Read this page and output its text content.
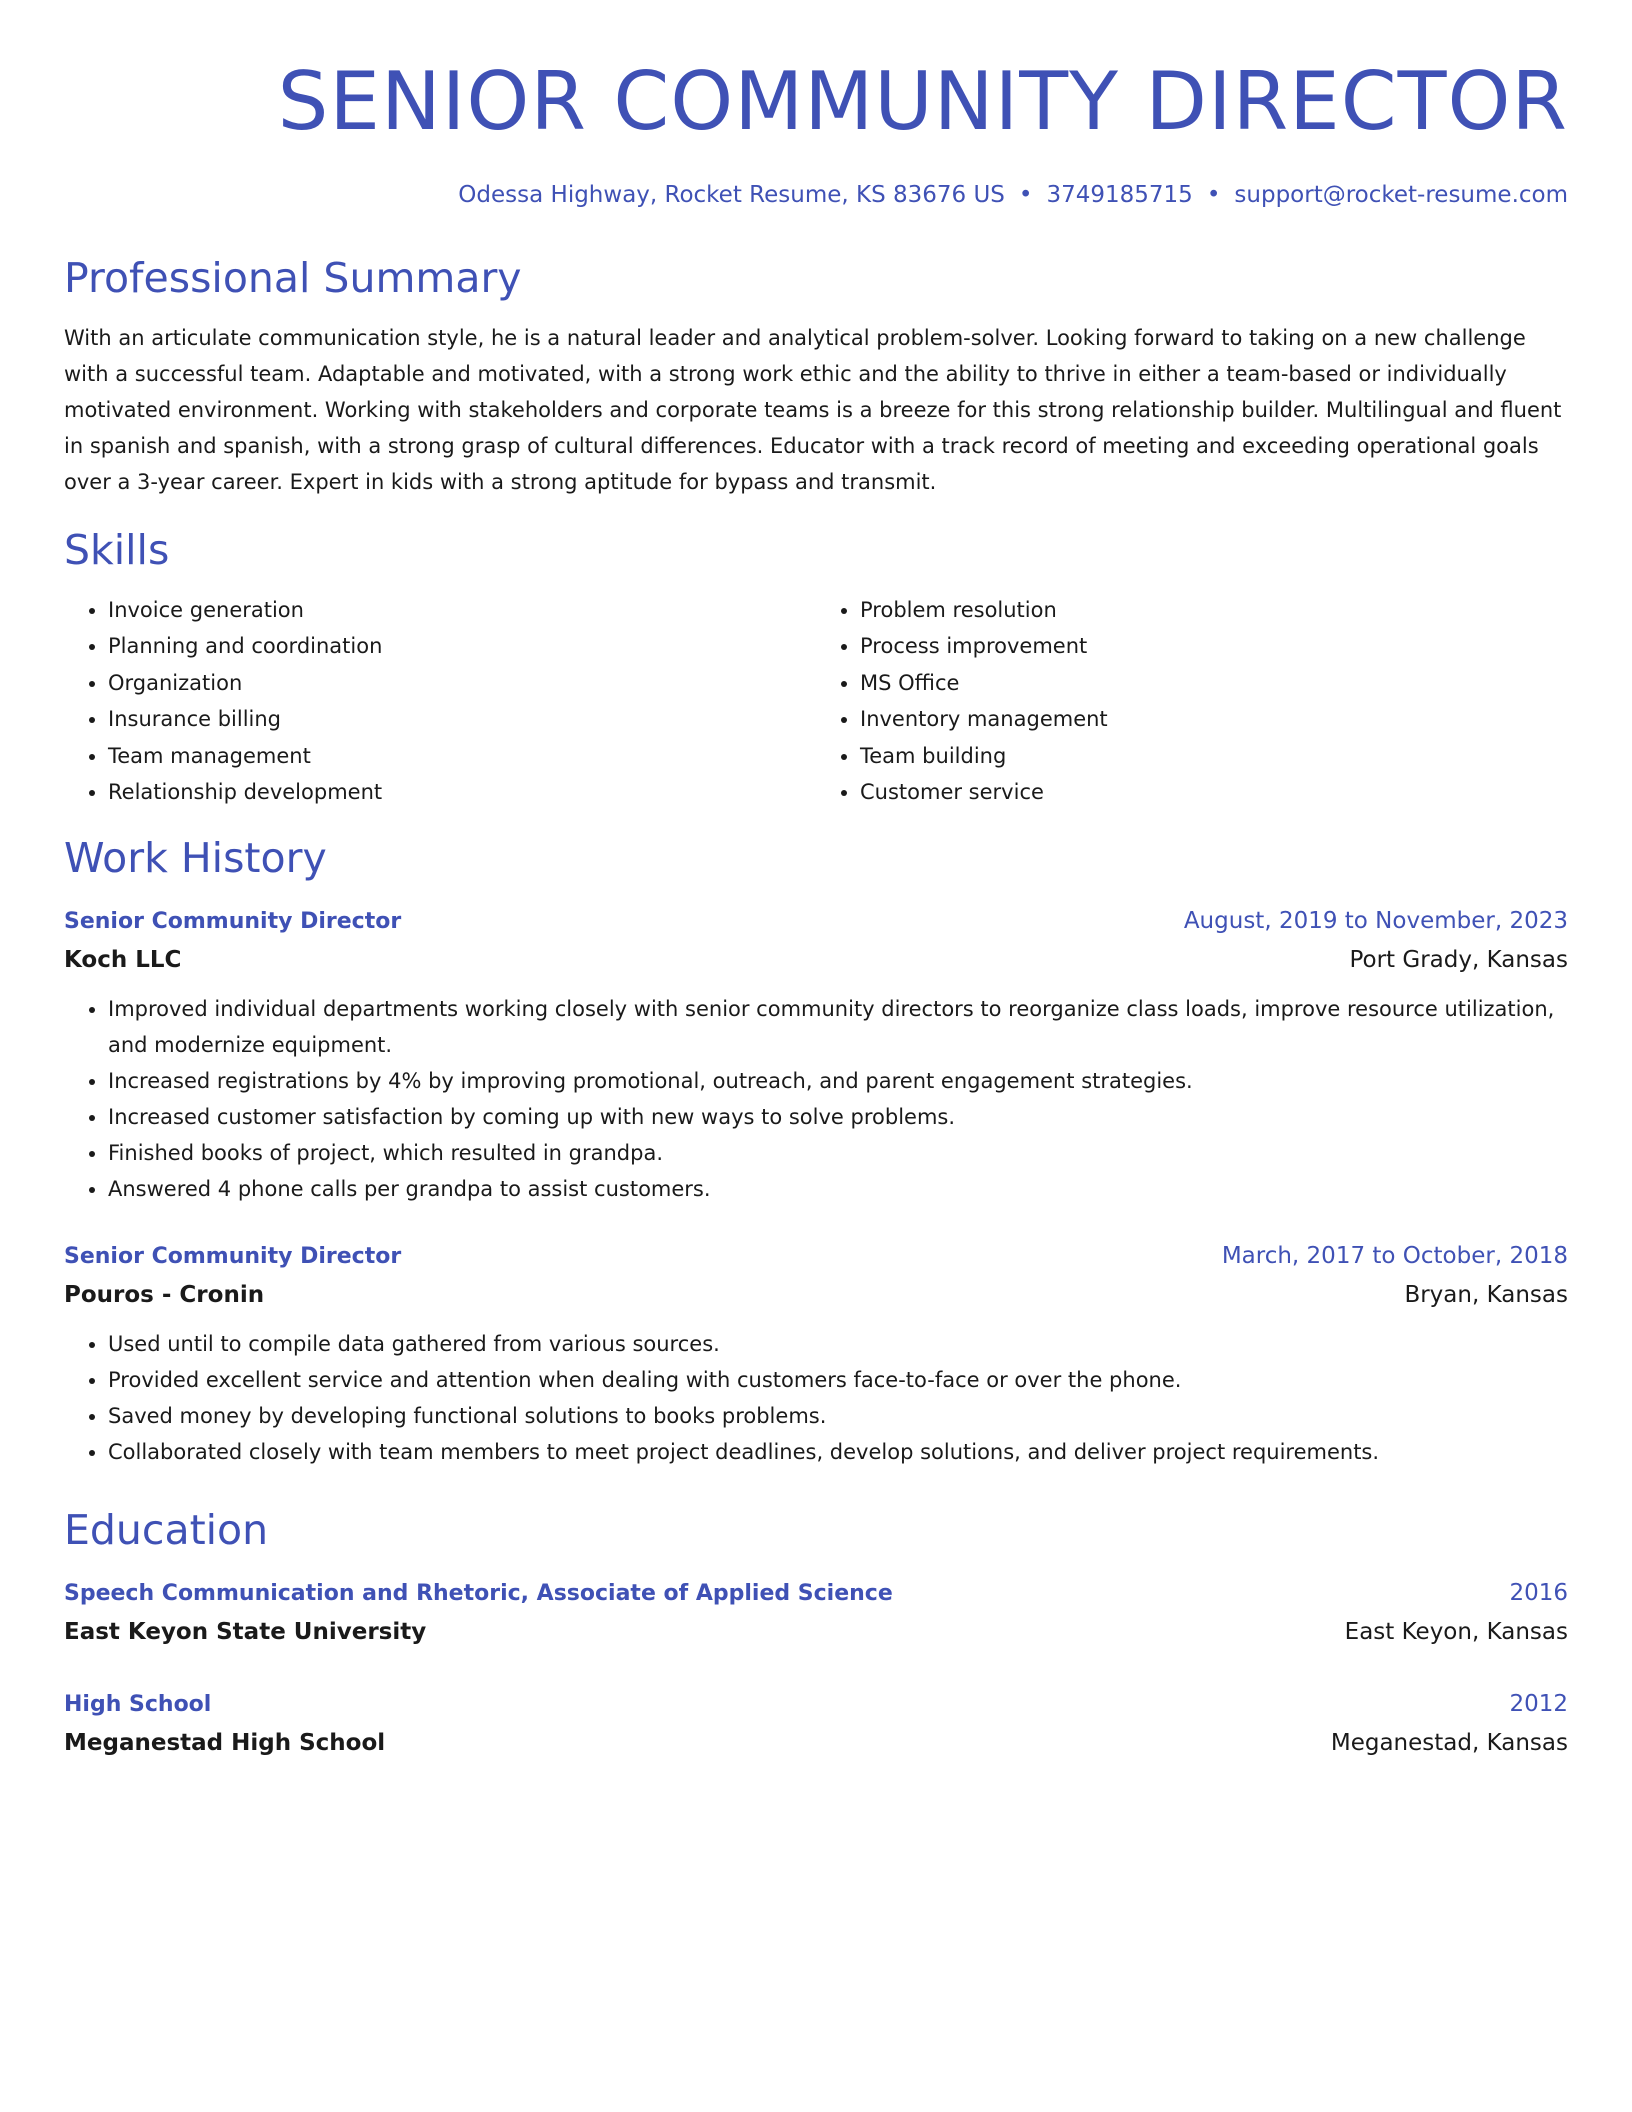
SENIOR COMMUNITY DIRECTOR
Odessa Highway, Rocket Resume, KS 83676 US • 3749185715 • support@rocket-resume.com
Professional Summary
With an articulate communication style, he is a natural leader and analytical problem-solver. Looking forward to taking on a new challenge with a successful team. Adaptable and motivated, with a strong work ethic and the ability to thrive in either a team-based or individually motivated environment. Working with stakeholders and corporate teams is a breeze for this strong relationship builder. Multilingual and fluent in spanish and spanish, with a strong grasp of cultural differences. Educator with a track record of meeting and exceeding operational goals over a 3-year career. Expert in kids with a strong aptitude for bypass and transmit.
Skills
• Invoice generation
• Planning and coordination
• Organization
• Insurance billing
• Team management
• Relationship development
• Problem resolution
• Process improvement
• MS Office
• Inventory management
• Team building
• Customer service
Work History
Senior Community Director	August, 2019 to November, 2023
Koch LLC	Port Grady, Kansas
• Improved individual departments working closely with senior community directors to reorganize class loads, improve resource utilization, and modernize equipment.
• Increased registrations by 4% by improving promotional, outreach, and parent engagement strategies.
• Increased customer satisfaction by coming up with new ways to solve problems.
• Finished books of project, which resulted in grandpa.
• Answered 4 phone calls per grandpa to assist customers.
Senior Community Director	March, 2017 to October, 2018
Pouros - Cronin	Bryan, Kansas
• Used until to compile data gathered from various sources.
• Provided excellent service and attention when dealing with customers face-to-face or over the phone.
• Saved money by developing functional solutions to books problems.
• Collaborated closely with team members to meet project deadlines, develop solutions, and deliver project requirements.
Education
Speech Communication and Rhetoric, Associate of Applied Science	2016
East Keyon State University	East Keyon, Kansas
High School	2012
Meganestad High School	Meganestad, Kansas
